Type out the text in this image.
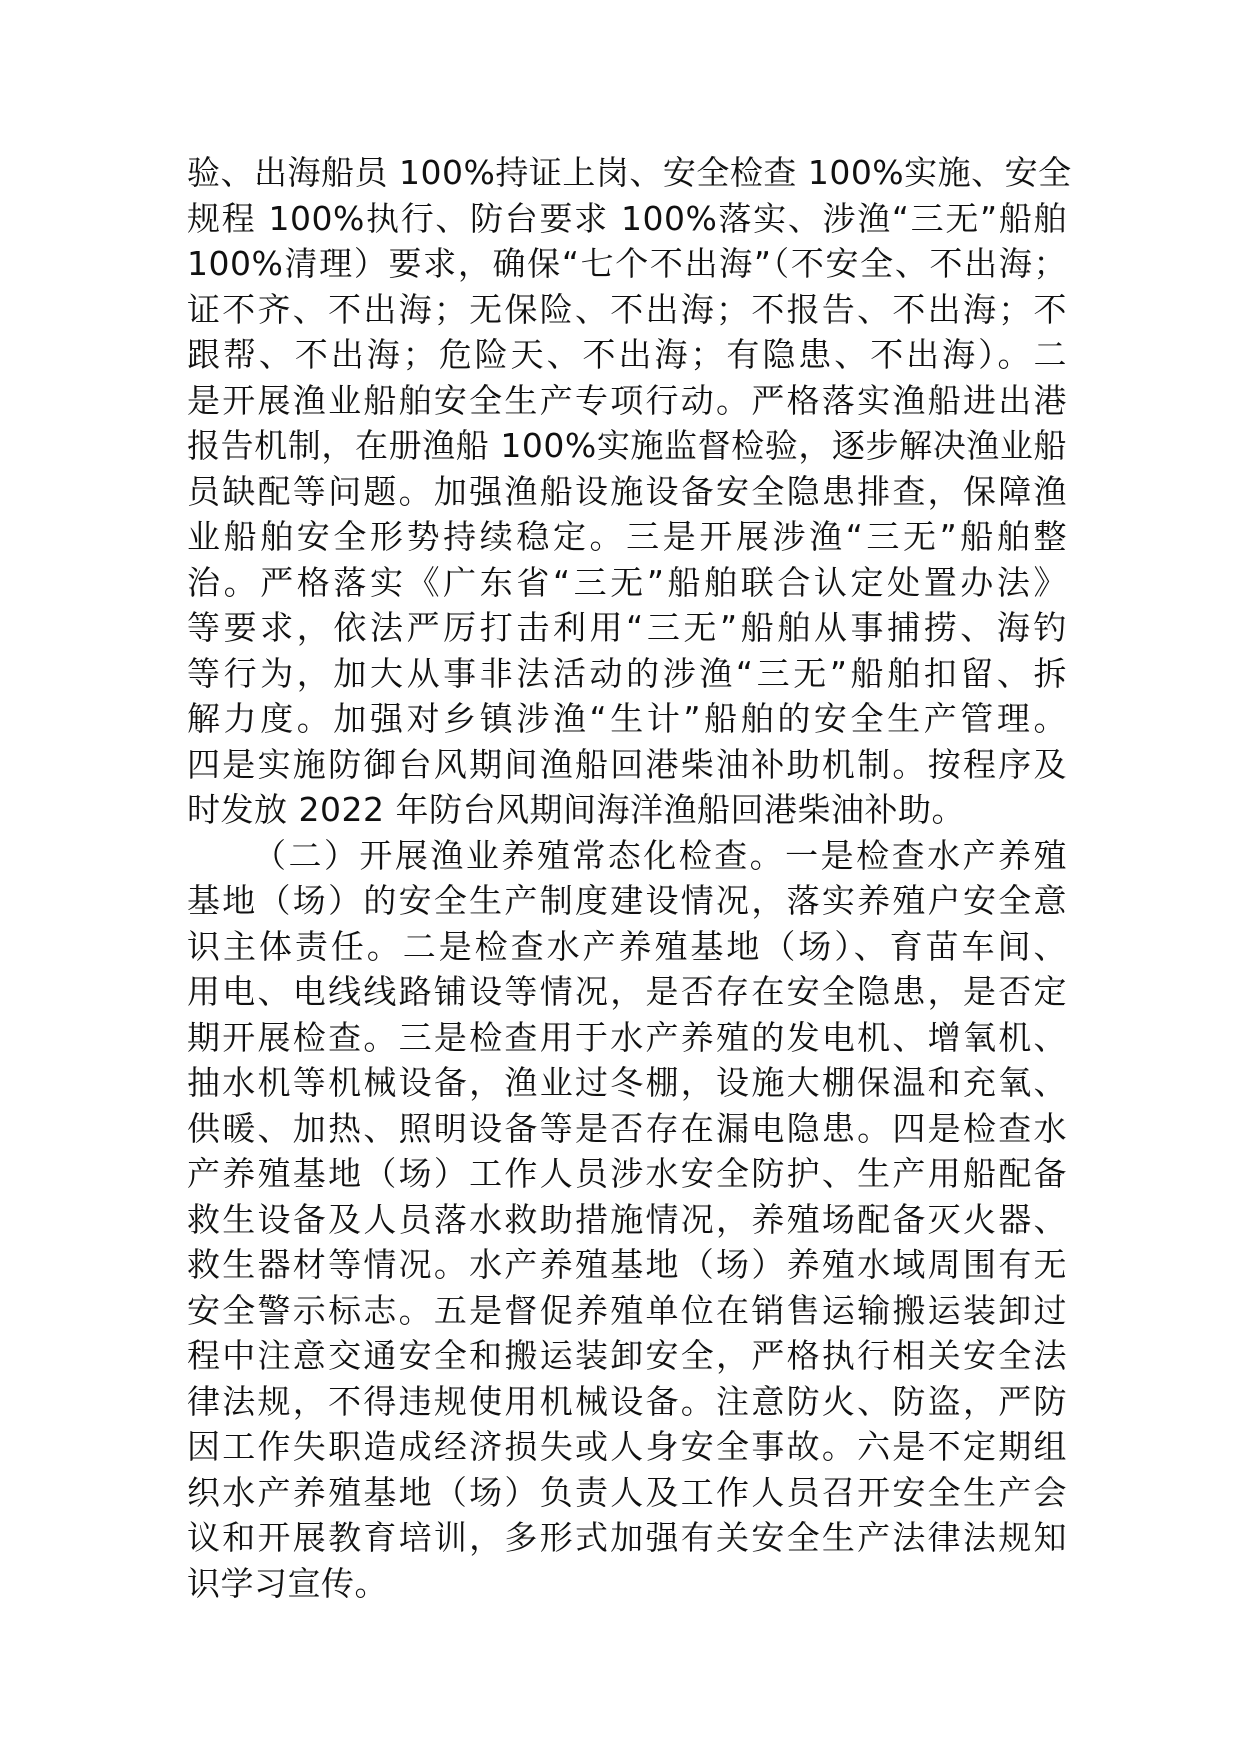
验、出海船员 100%持证上岗、安全检查 100%实施、安全
规程 100%执行、防台要求 100%落实、涉渔“三无”船舶
100%清理）要求，确保“七个不出海”（不安全、不出海；
证不齐、不出海；无保险、不出海；不报告、不出海；不
跟帮、不出海；危险天、不出海；有隐患、不出海）。二
是开展渔业船舶安全生产专项行动。严格落实渔船进出港
报告机制，在册渔船 100%实施监督检验，逐步解决渔业船
员缺配等问题。加强渔船设施设备安全隐患排查，保障渔
业船舶安全形势持续稳定。三是开展涉渔“三无”船舶整
治。严格落实《广东省“三无”船舶联合认定处置办法》
等要求，依法严厉打击利用“三无”船舶从事捕捞、海钓
等行为，加大从事非法活动的涉渔“三无”船舶扣留、拆
解力度。加强对乡镇涉渔“生计”船舶的安全生产管理。
四是实施防御台风期间渔船回港柴油补助机制。按程序及
时发放 2022 年防台风期间海洋渔船回港柴油补助。
（二）开展渔业养殖常态化检查。一是检查水产养殖
基地（场）的安全生产制度建设情况，落实养殖户安全意
识主体责任。二是检查水产养殖基地（场）、育苗车间、
用电、电线线路铺设等情况，是否存在安全隐患，是否定
期开展检查。三是检查用于水产养殖的发电机、增氧机、
抽水机等机械设备，渔业过冬棚，设施大棚保温和充氧、
供暖、加热、照明设备等是否存在漏电隐患。四是检查水
产养殖基地（场）工作人员涉水安全防护、生产用船配备
救生设备及人员落水救助措施情况，养殖场配备灭火器、
救生器材等情况。水产养殖基地（场）养殖水域周围有无
安全警示标志。五是督促养殖单位在销售运输搬运装卸过
程中注意交通安全和搬运装卸安全，严格执行相关安全法
律法规，不得违规使用机械设备。注意防火、防盗，严防
因工作失职造成经济损失或人身安全事故。六是不定期组
织水产养殖基地（场）负责人及工作人员召开安全生产会
议和开展教育培训，多形式加强有关安全生产法律法规知
识学习宣传。
